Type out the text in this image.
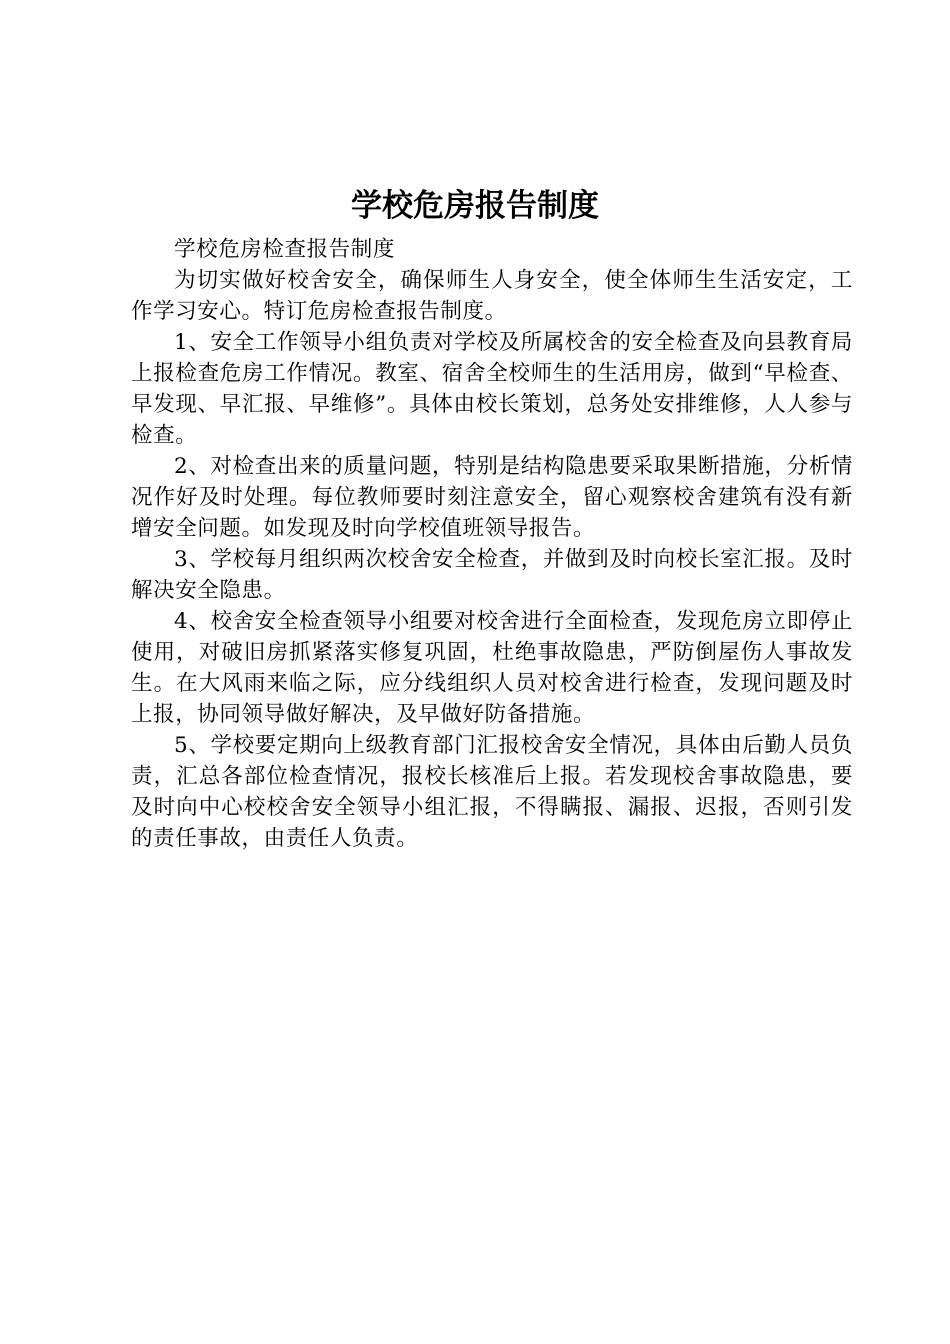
学校危房报告制度

学校危房检查报告制度

为切实做好校舍安全，确保师生人身安全，使全体师生生活安定，工作学习安心。特订危房检查报告制度。

1、安全工作领导小组负责对学校及所属校舍的安全检查及向县教育局上报检查危房工作情况。教室、宿舍全校师生的生活用房，做到“早检查、早发现、早汇报、早维修”。具体由校长策划，总务处安排维修，人人参与检查。

2、对检查出来的质量问题，特别是结构隐患要采取果断措施，分析情况作好及时处理。每位教师要时刻注意安全，留心观察校舍建筑有没有新增安全问题。如发现及时向学校值班领导报告。

3、学校每月组织两次校舍安全检查，并做到及时向校长室汇报。及时解决安全隐患。

4、校舍安全检查领导小组要对校舍进行全面检查，发现危房立即停止使用，对破旧房抓紧落实修复巩固，杜绝事故隐患，严防倒屋伤人事故发生。在大风雨来临之际，应分线组织人员对校舍进行检查，发现问题及时上报，协同领导做好解决，及早做好防备措施。

5、学校要定期向上级教育部门汇报校舍安全情况，具体由后勤人员负责，汇总各部位检查情况，报校长核准后上报。若发现校舍事故隐患，要及时向中心校校舍安全领导小组汇报，不得瞒报、漏报、迟报，否则引发的责任事故，由责任人负责。
